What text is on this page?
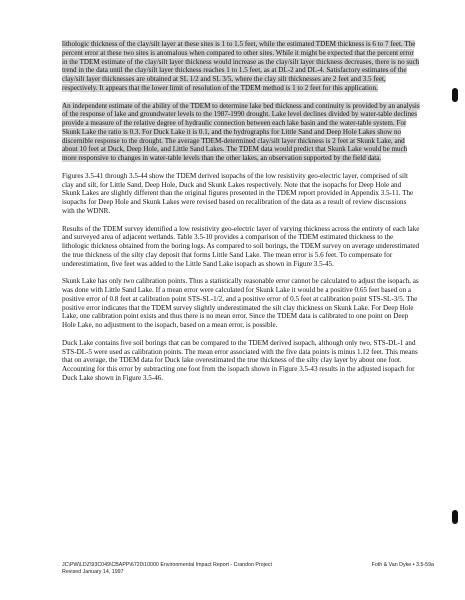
lithologic thickness of the clay/silt layer at these sites is 1 to 1.5 feet, while the estimated TDEM thickness is 6 to 7 feet. The percent error at these two sites is anomalous when compared to other sites. While it might be expected that the percent error in the TDEM estimate of the clay/silt layer thickness would increase as the clay/silt layer thickness decreases, there is no such trend in the data until the clay/silt layer thickness reaches 1 to 1.5 feet, as at DL-2 and DL-4. Satisfactory estimates of the clay/silt layer thicknesses are obtained at SL 1/2 and SL 3/5, where the clay silt thicknesses are 2 feet and 3.5 feet, respectively. It appears that the lower limit of resolution of the TDEM method is 1 to 2 feet for this application.

An independent estimate of the ability of the TDEM to determine lake bed thickness and continuity is provided by an analysis of the response of lake and groundwater levels to the 1987-1990 drought. Lake level declines divided by water-table declines provide a measure of the relative degree of hydraulic connection between each lake basin and the water-table system. For Skunk Lake the ratio is 0.3. For Duck Lake it is 0.1, and the hydrographs for Little Sand and Deep Hole Lakes show no discernible response to the drought. The average TDEM-determined clay/silt layer thickness is 2 feet at Skunk Lake, and about 10 feet at Duck, Deep Hole, and Little Sand Lakes. The TDEM data would predict that Skunk Lake would be much more responsive to changes in water-table levels than the other lakes, an observation supported by the field data.

Figures 3.5-41 through 3.5-44 show the TDEM derived isopachs of the low resistivity geo-electric layer, comprised of silt clay and silt, for Little Sand, Deep Hole, Duck and Skunk Lakes respectively. Note that the isopachs for Deep Hole and Skunk Lakes are slightly different than the original figures presented in the TDEM report provided in Appendix 3.5-11. The isopachs for Deep Hole and Skunk Lakes were revised based on recalibration of the data as a result of review discussions with the WDNR.

Results of the TDEM survey identified a low resistivity geo-electric layer of varying thickness across the entirety of each lake and surveyed area of adjacent wetlands. Table 3.5-10 provides a comparison of the TDEM estimated thickness to the lithologic thickness obtained from the boring logs. As compared to soil borings, the TDEM survey on average underestimated the true thickness of the silty clay deposit that forms Little Sand Lake. The mean error is 5.6 feet. To compensate for underestimation, five feet was added to the Little Sand Lake isopach as shown in Figure 3.5-45.

Skunk Lake has only two calibration points. Thus a statistically reasonable error cannot be calculated to adjust the isopach, as was done with Little Sand Lake. If a mean error were calculated for Skunk Lake it would be a positive 0.65 feet based on a positive error of 0.8 feet at calibration point STS-SL-1/2, and a positive error of 0.5 feet at calibration point STS-SL-3/5. The positive error indicates that the TDEM survey slightly underestimated the silt clay thickness on Skunk Lake. For Deep Hole Lake, one calibration point exists and thus there is no mean error. Since the TDEM data is calibrated to one point on Deep Hole Lake, no adjustment to the isopach, based on a mean error, is possible.

Duck Lake contains five soil borings that can be compared to the TDEM derived isopach, although only two, STS-DL-1 and STS-DL-5 were used as calibration points. The mean error associated with the five data points is minus 1.12 feet. This means that on average, the TDEM data for Duck lake overestimated the true thickness of the silty clay layer by about one foot. Accounting for this error by subtracting one foot from the isopach shown in Figure 3.5-43 results in the adjusted isopach for Duck Lake shown in Figure 3.5-46.

JC\PW\LDZ\93C049\CBAPP\6720\10000 Environmental Impact Report - Crandon Project
Revised January 14, 1997
Foth & Van Dyke • 3.5-59a
